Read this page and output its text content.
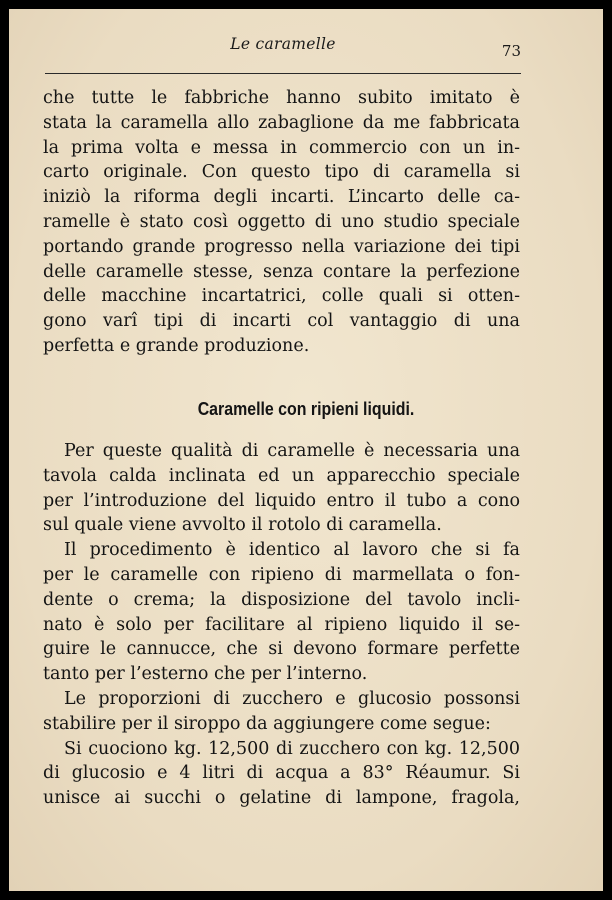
Le caramelle	73

che tutte le fabbriche hanno subito imitato è

stata la caramella allo zabaglione da me fabbricata

la prima volta e messa in commercio con un in-

carto originale. Con questo tipo di caramella si

iniziò la riforma degli incarti. L’incarto delle ca-

ramelle è stato così oggetto di uno studio speciale

portando grande progresso nella variazione dei tipi

delle caramelle stesse, senza contare la perfezione

delle macchine incartatrici, colle quali si otten-

gono varî tipi di incarti col vantaggio di una

perfetta e grande produzione.

Caramelle con ripieni liquidi.

Per queste qualità di caramelle è necessaria una

tavola calda inclinata ed un apparecchio speciale

per l’introduzione del liquido entro il tubo a cono

sul quale viene avvolto il rotolo di caramella.

Il procedimento è identico al lavoro che si fa

per le caramelle con ripieno di marmellata o fon-

dente o crema; la disposizione del tavolo incli-

nato è solo per facilitare al ripieno liquido il se-

guire le cannucce, che si devono formare perfette

tanto per l’esterno che per l’interno.

Le proporzioni di zucchero e glucosio possonsi

stabilire per il siroppo da aggiungere come segue:

Si cuociono kg. 12,500 di zucchero con kg. 12,500

di glucosio e 4 litri di acqua a 83° Réaumur. Si

unisce ai succhi o gelatine di lampone, fragola,
